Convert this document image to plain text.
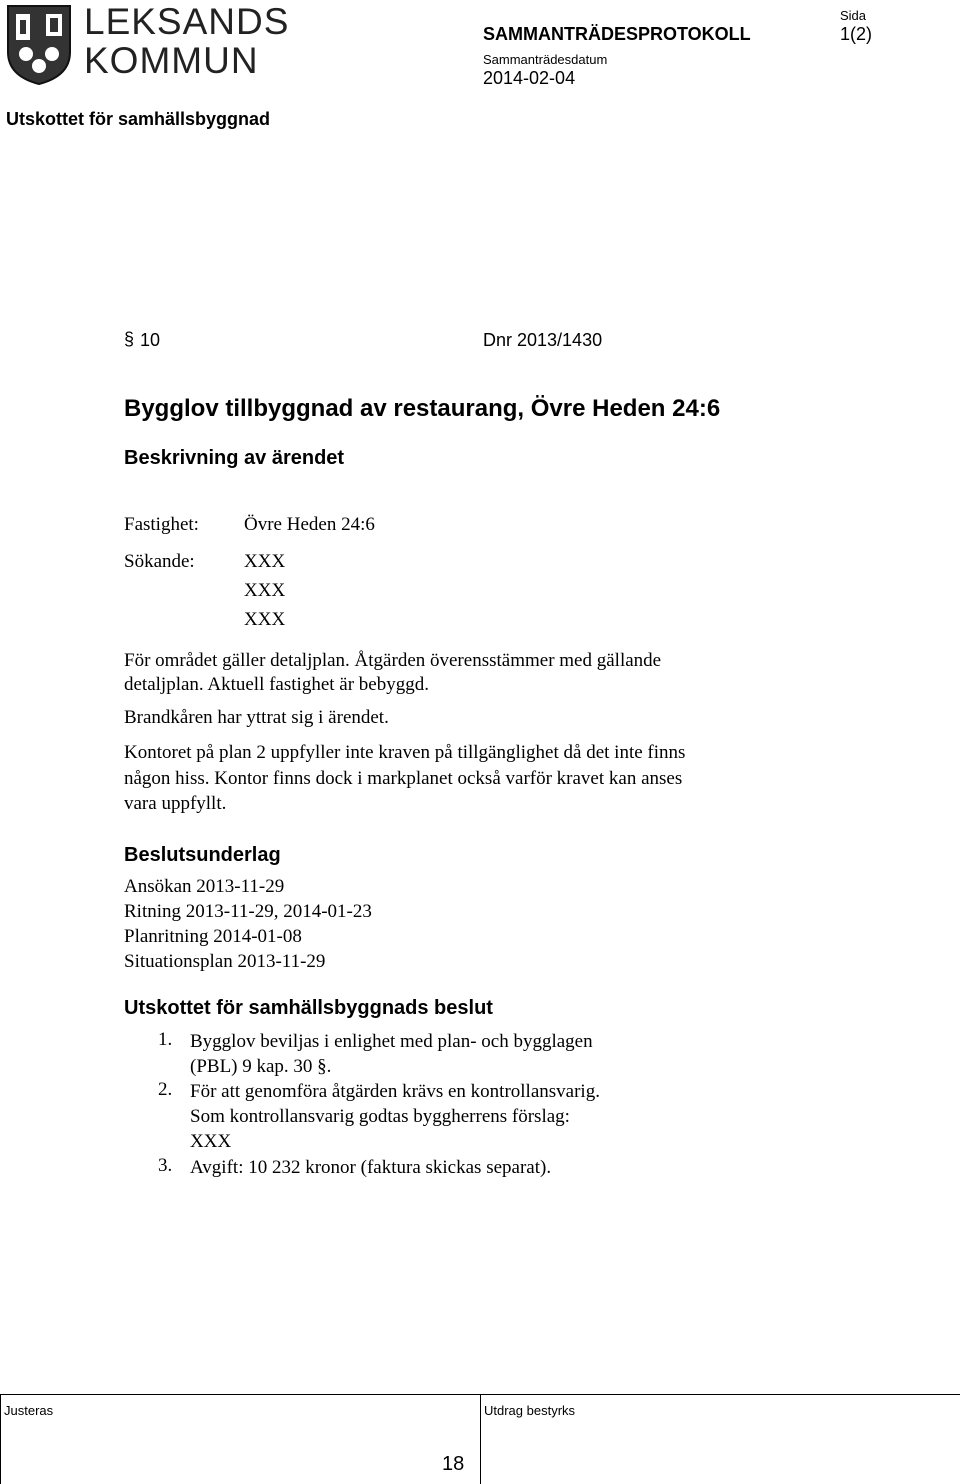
LEKSANDS
KOMMUN
SAMMANTRÄDESPROTOKOLL
Sammanträdesdatum
2014-02-04
Sida
1(2)
Utskottet för samhällsbyggnad
§ 10	Dnr 2013/1430
Bygglov tillbyggnad av restaurang, Övre Heden 24:6
Beskrivning av ärendet
Fastighet: Övre Heden 24:6
Sökande:	XXX
XXX
XXX
För området gäller detaljplan. Åtgärden överensstämmer med gällande
detaljplan. Aktuell fastighet är bebyggd.
Brandkåren har yttrat sig i ärendet.
Kontoret på plan 2 uppfyller inte kraven på tillgänglighet då det inte finns
någon hiss. Kontor finns dock i markplanet också varför kravet kan anses
vara uppfyllt.
Beslutsunderlag
Ansökan 2013-11-29
Ritning 2013-11-29, 2014-01-23
Planritning 2014-01-08
Situationsplan 2013-11-29
Utskottet för samhällsbyggnads beslut
1. Bygglov beviljas i enlighet med plan- och bygglagen
(PBL) 9 kap. 30 §.
2. För att genomföra åtgärden krävs en kontrollansvarig.
Som kontrollansvarig godtas byggherrens förslag:
XXX
3. Avgift: 10 232 kronor (faktura skickas separat).
Justeras	Utdrag bestyrks
18
